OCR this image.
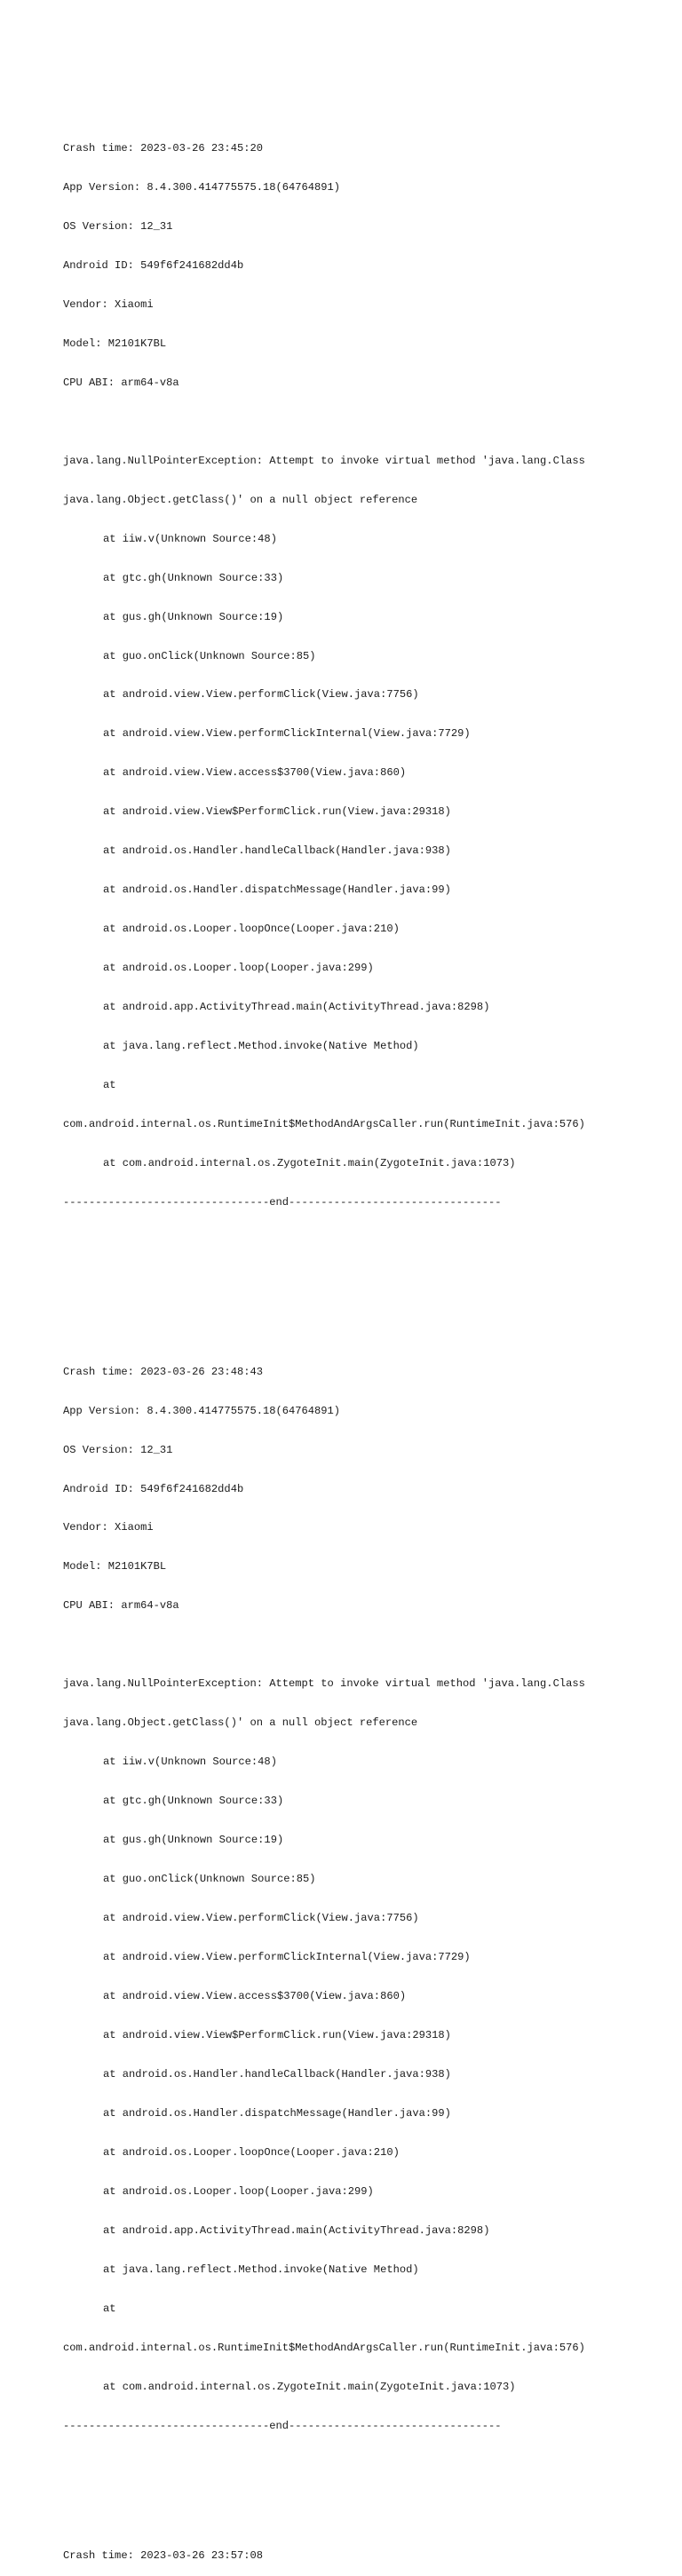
Crash time: 2023-03-26 23:45:20

App Version: 8.4.300.414775575.18(64764891)

OS Version: 12_31

Android ID: 549f6f241682dd4b

Vendor: Xiaomi

Model: M2101K7BL

CPU ABI: arm64-v8a

java.lang.NullPointerException: Attempt to invoke virtual method 'java.lang.Class

java.lang.Object.getClass()' on a null object reference

at iiw.v(Unknown Source:48)

at gtc.gh(Unknown Source:33)

at gus.gh(Unknown Source:19)

at guo.onClick(Unknown Source:85)

at android.view.View.performClick(View.java:7756)

at android.view.View.performClickInternal(View.java:7729)

at android.view.View.access$3700(View.java:860)

at android.view.View$PerformClick.run(View.java:29318)

at android.os.Handler.handleCallback(Handler.java:938)

at android.os.Handler.dispatchMessage(Handler.java:99)

at android.os.Looper.loopOnce(Looper.java:210)

at android.os.Looper.loop(Looper.java:299)

at android.app.ActivityThread.main(ActivityThread.java:8298)

at java.lang.reflect.Method.invoke(Native Method)

at

com.android.internal.os.RuntimeInit$MethodAndArgsCaller.run(RuntimeInit.java:576)

at com.android.internal.os.ZygoteInit.main(ZygoteInit.java:1073)

--------------------------------end---------------------------------

Crash time: 2023-03-26 23:48:43

App Version: 8.4.300.414775575.18(64764891)

OS Version: 12_31

Android ID: 549f6f241682dd4b

Vendor: Xiaomi

Model: M2101K7BL

CPU ABI: arm64-v8a

java.lang.NullPointerException: Attempt to invoke virtual method 'java.lang.Class

java.lang.Object.getClass()' on a null object reference

at iiw.v(Unknown Source:48)

at gtc.gh(Unknown Source:33)

at gus.gh(Unknown Source:19)

at guo.onClick(Unknown Source:85)

at android.view.View.performClick(View.java:7756)

at android.view.View.performClickInternal(View.java:7729)

at android.view.View.access$3700(View.java:860)

at android.view.View$PerformClick.run(View.java:29318)

at android.os.Handler.handleCallback(Handler.java:938)

at android.os.Handler.dispatchMessage(Handler.java:99)

at android.os.Looper.loopOnce(Looper.java:210)

at android.os.Looper.loop(Looper.java:299)

at android.app.ActivityThread.main(ActivityThread.java:8298)

at java.lang.reflect.Method.invoke(Native Method)

at

com.android.internal.os.RuntimeInit$MethodAndArgsCaller.run(RuntimeInit.java:576)

at com.android.internal.os.ZygoteInit.main(ZygoteInit.java:1073)

--------------------------------end---------------------------------

Crash time: 2023-03-26 23:57:08
